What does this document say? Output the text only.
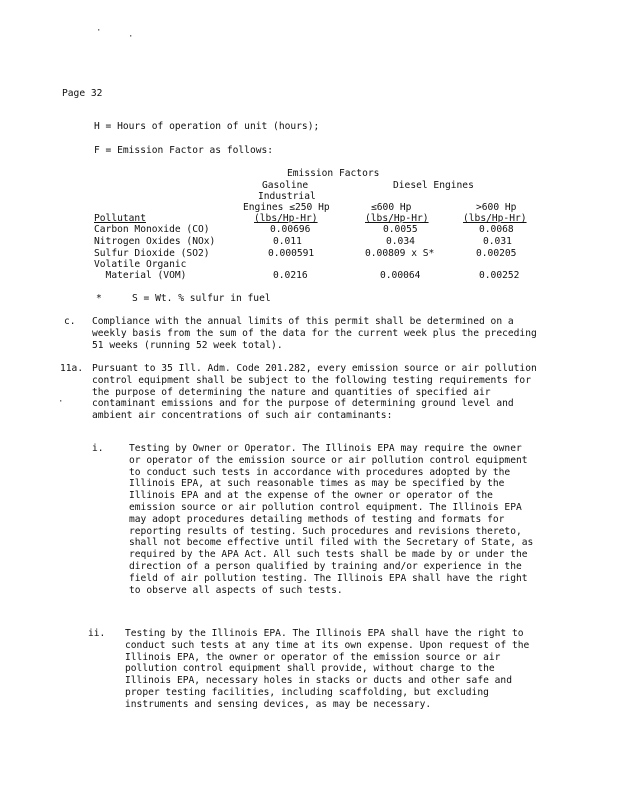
·
·
·
Page 32
H = Hours of operation of unit (hours);
F = Emission Factor as follows:
Emission Factors
Gasoline	Diesel Engines
Industrial
Engines ≤250 Hp	≤600 Hp	>600 Hp
Pollutant	(lbs/Hp-Hr)	(lbs/Hp-Hr)	(lbs/Hp-Hr)
Carbon Monoxide (CO)	0.00696	0.0055	0.0068
Nitrogen Oxides (NOx)	0.011	0.034	0.031
Sulfur Dioxide (SO2)	0.000591	0.00809 x S*	0.00205
Volatile Organic
Material (VOM)	0.0216	0.00064	0.00252
*	S = Wt. % sulfur in fuel
c. Compliance with the annual limits of this permit shall be determined on a weekly basis from the sum of the data for the current week plus the preceding 51 weeks (running 52 week total).
11a. Pursuant to 35 Ill. Adm. Code 201.282, every emission source or air pollution control equipment shall be subject to the following testing requirements for the purpose of determining the nature and quantities of specified air contaminant emissions and for the purpose of determining ground level and ambient air concentrations of such air contaminants:
i.	Testing by Owner or Operator. The Illinois EPA may require the owner or operator of the emission source or air pollution control equipment to conduct such tests in accordance with procedures adopted by the Illinois EPA, at such reasonable times as may be specified by the Illinois EPA and at the expense of the owner or operator of the emission source or air pollution control equipment. The Illinois EPA may adopt procedures detailing methods of testing and formats for reporting results of testing. Such procedures and revisions thereto, shall not become effective until filed with the Secretary of State, as required by the APA Act. All such tests shall be made by or under the direction of a person qualified by training and/or experience in the field of air pollution testing. The Illinois EPA shall have the right to observe all aspects of such tests.
ii. Testing by the Illinois EPA. The Illinois EPA shall have the right to conduct such tests at any time at its own expense. Upon request of the Illinois EPA, the owner or operator of the emission source or air pollution control equipment shall provide, without charge to the Illinois EPA, necessary holes in stacks or ducts and other safe and proper testing facilities, including scaffolding, but excluding instruments and sensing devices, as may be necessary.
